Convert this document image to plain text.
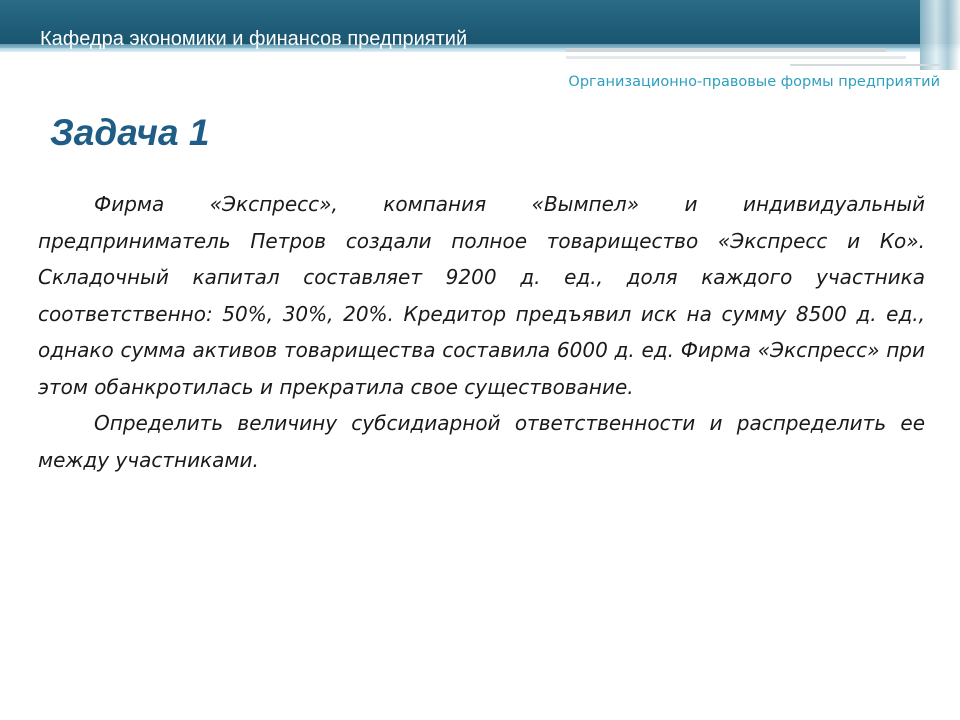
Кафедра экономики и финансов предприятий
Организационно-правовые формы предприятий
Задача 1

Фирма «Экспресс», компания «Вымпел» и индивидуальный предприниматель Петров создали полное товарищество «Экспресс и Ко». Складочный капитал составляет 9200 д. ед., доля каждого участника соответственно: 50%, 30%, 20%. Кредитор предъявил иск на сумму 8500 д. ед., однако сумма активов товарищества составила 6000 д. ед. Фирма «Экспресс» при этом обанкротилась и прекратила свое существование.

Определить величину субсидиарной ответственности и распределить ее между участниками.
